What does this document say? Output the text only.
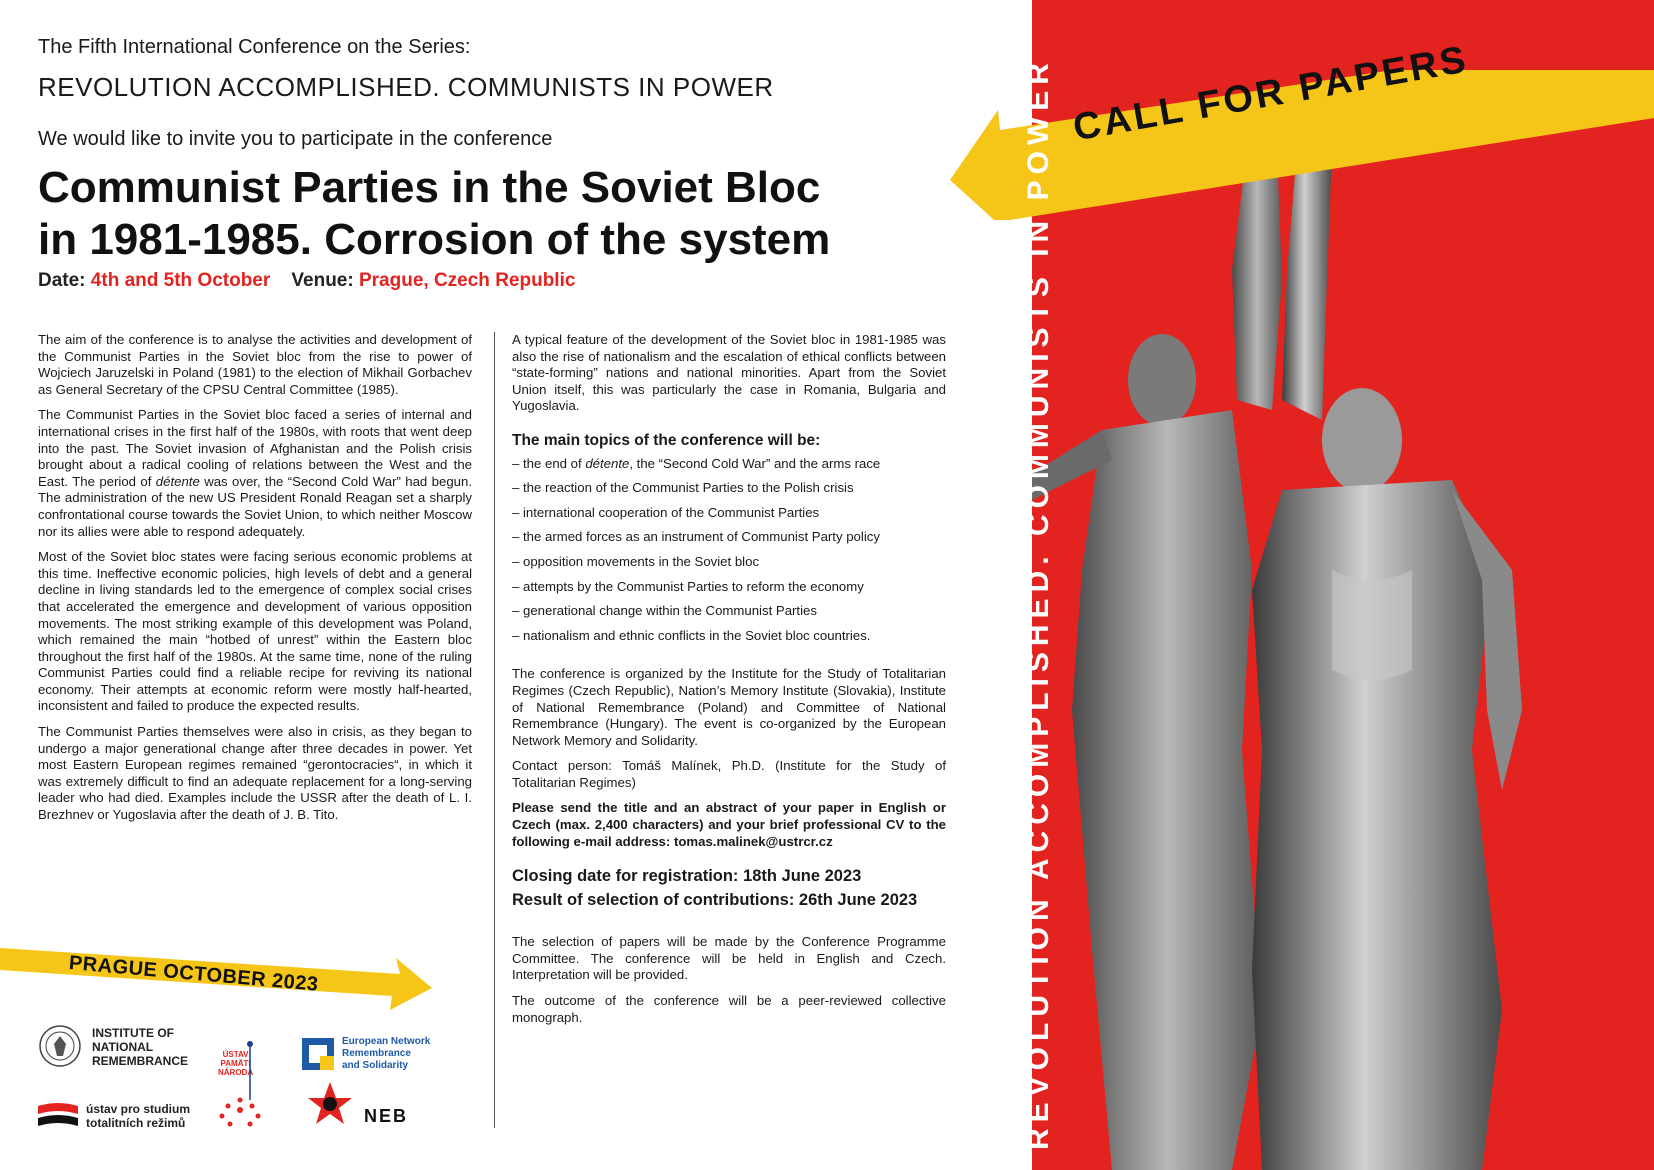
The Fifth International Conference on the Series:
REVOLUTION ACCOMPLISHED. COMMUNISTS IN POWER
We would like to invite you to participate in the conference
Communist Parties in the Soviet Bloc
in 1981-1985. Corrosion of the system
Date: 4th and 5th October Venue: Prague, Czech Republic

The aim of the conference is to analyse the activities and development of the Communist Parties in the Soviet bloc from the rise to power of Wojciech Jaruzelski in Poland (1981) to the election of Mikhail Gorbachev as General Secretary of the CPSU Central Committee (1985).

The Communist Parties in the Soviet bloc faced a series of internal and international crises in the first half of the 1980s, with roots that went deep into the past. The Soviet invasion of Afghanistan and the Polish crisis brought about a radical cooling of relations between the West and the East. The period of détente was over, the “Second Cold War” had begun. The administration of the new US President Ronald Reagan set a sharply confrontational course towards the Soviet Union, to which neither Moscow nor its allies were able to respond adequately.

Most of the Soviet bloc states were facing serious economic problems at this time. Ineffective economic policies, high levels of debt and a general decline in living standards led to the emergence of complex social crises that accelerated the emergence and development of various opposition movements. The most striking example of this development was Poland, which remained the main “hotbed of unrest” within the Eastern bloc throughout the first half of the 1980s. At the same time, none of the ruling Communist Parties could find a reliable recipe for reviving its national economy. Their attempts at economic reform were mostly half-hearted, inconsistent and failed to produce the expected results.

The Communist Parties themselves were also in crisis, as they began to undergo a major generational change after three decades in power. Yet most Eastern European regimes remained “gerontocracies“, in which it was extremely difficult to find an adequate replacement for a long-serving leader who had died. Examples include the USSR after the death of L. I. Brezhnev or Yugoslavia after the death of J. B. Tito.

A typical feature of the development of the Soviet bloc in 1981-1985 was also the rise of nationalism and the escalation of ethical conflicts between “state-forming” nations and national minorities. Apart from the Soviet Union itself, this was particularly the case in Romania, Bulgaria and Yugoslavia.

The main topics of the conference will be:
– the end of détente, the “Second Cold War” and the arms race
– the reaction of the Communist Parties to the Polish crisis
– international cooperation of the Communist Parties
– the armed forces as an instrument of Communist Party policy
– opposition movements in the Soviet bloc
– attempts by the Communist Parties to reform the economy
– generational change within the Communist Parties
– nationalism and ethnic conflicts in the Soviet bloc countries.

The conference is organized by the Institute for the Study of Totalitarian Regimes (Czech Republic), Nation’s Memory Institute (Slovakia), Institute of National Remembrance (Poland) and Committee of National Remembrance (Hungary). The event is co-organized by the European Network Memory and Solidarity.

Contact person: Tomáš Malínek, Ph.D. (Institute for the Study of Totalitarian Regimes)

Please send the title and an abstract of your paper in English or Czech (max. 2,400 characters) and your brief professional CV to the following e-mail address: tomas.malinek@ustrcr.cz

Closing date for registration: 18th June 2023
Result of selection of contributions: 26th June 2023

The selection of papers will be made by the Conference Programme Committee. The conference will be held in English and Czech. Interpretation will be provided.

The outcome of the conference will be a peer-reviewed collective monograph.

PRAGUE OCTOBER 2023
INSTITUTE OF
NATIONAL
REMEMBRANCE
ústav pro studium
totalitních režimů
ÚSTAV
PAMÄTI
NÁRODA
European Network
Remembrance
and Solidarity
NEB
CALL FOR PAPERS
REVOLUTION ACCOMPLISHED. COMMUNISTS IN POWER
